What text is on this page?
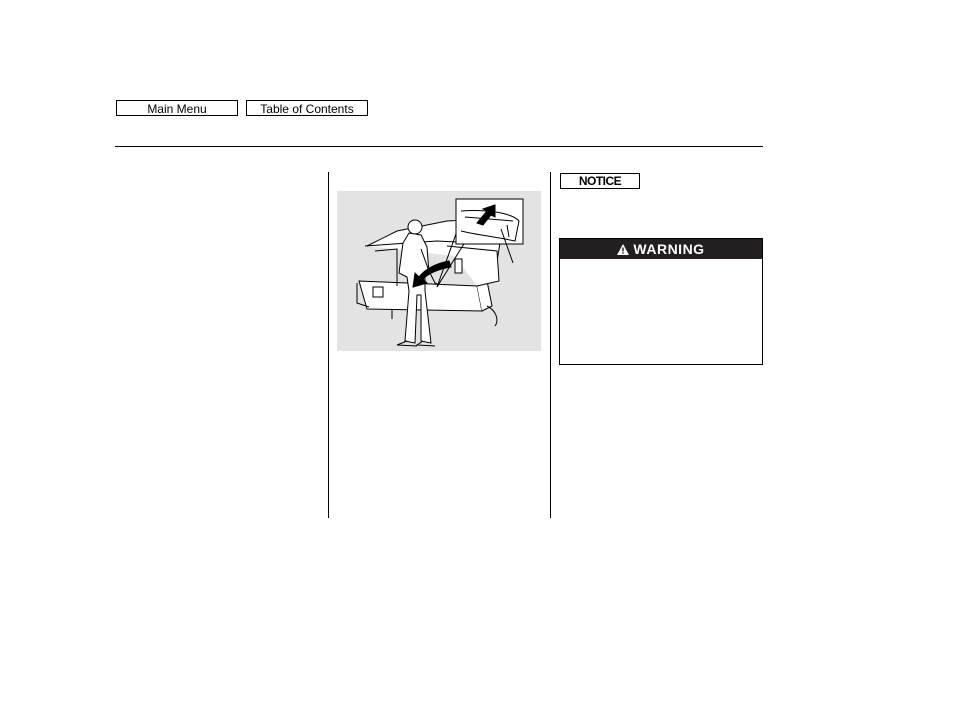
Main Menu	Table of Contents
NOTICE
WARNING
